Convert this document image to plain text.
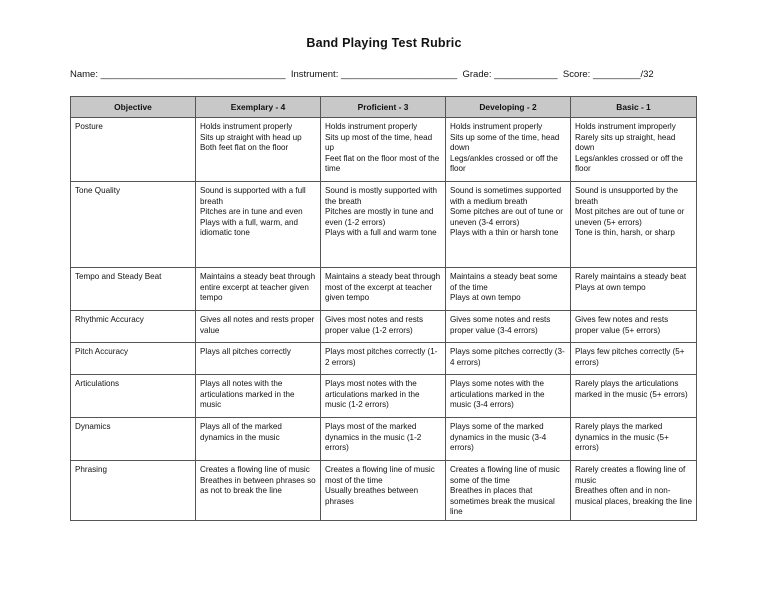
Band Playing Test Rubric
Name: ___________________________________  Instrument: ______________________  Grade: ____________  Score: _________/32
Objective	Exemplary - 4	Proficient - 3	Developing - 2	Basic - 1
Posture	Holds instrument properly
Sits up straight with head up
Both feet flat on the floor	Holds instrument properly
Sits up most of the time, head up
Feet flat on the floor most of the time	Holds instrument properly
Sits up some of the time, head down
Legs/ankles crossed or off the floor	Holds instrument improperly
Rarely sits up straight, head down
Legs/ankles crossed or off the floor

Tone Quality	Sound is supported with a full breath
Pitches are in tune and even
Plays with a full, warm, and idiomatic tone	Sound is mostly supported with the breath
Pitches are mostly in tune and even (1-2 errors)
Plays with a full and warm tone	Sound is sometimes supported with a medium breath
Some pitches are out of tune or uneven (3-4 errors)
Plays with a thin or harsh tone	Sound is unsupported by the breath
Most pitches are out of tune or uneven (5+ errors)
Tone is thin, harsh, or sharp

Tempo and Steady Beat	Maintains a steady beat through entire excerpt at teacher given tempo	Maintains a steady beat through most of the excerpt at teacher given tempo	Maintains a steady beat some of the time
Plays at own tempo	Rarely maintains a steady beat
Plays at own tempo

Rhythmic Accuracy	Gives all notes and rests proper value	Gives most notes and rests proper value (1-2 errors)	Gives some notes and rests proper value (3-4 errors)	Gives few notes and rests proper value (5+ errors)

Pitch Accuracy	Plays all pitches correctly	Plays most pitches correctly (1-2 errors)	Plays some pitches correctly (3-4 errors)	Plays few pitches correctly (5+ errors)

Articulations	Plays all notes with the articulations marked in the music	Plays most notes with the articulations marked in the music (1-2 errors)	Plays some notes with the articulations marked in the music (3-4 errors)	Rarely plays the articulations marked in the music (5+ errors)

Dynamics	Plays all of the marked dynamics in the music	Plays most of the marked dynamics in the music (1-2 errors)	Plays some of the marked dynamics in the music (3-4 errors)	Rarely plays the marked dynamics in the music (5+ errors)

Phrasing	Creates a flowing line of music
Breathes in between phrases so as not to break the line	Creates a flowing line of music most of the time
Usually breathes between phrases	Creates a flowing line of music some of the time
Breathes in places that sometimes break the musical line	Rarely creates a flowing line of music
Breathes often and in non-musical places, breaking the line
